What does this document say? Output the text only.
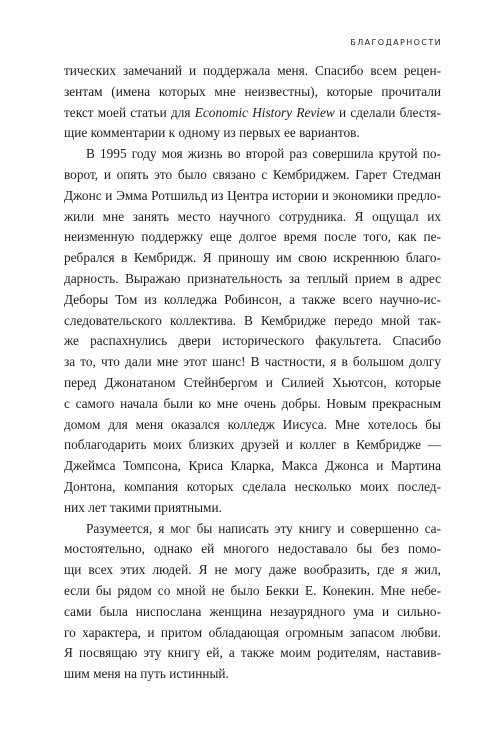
БЛАГОДАРНОСТИ

тических замечаний и поддержала меня. Спасибо всем рецен-
зентам (имена которых мне неизвестны), которые прочитали
текст моей статьи для Economic History Review и сделали блестя-
щие комментарии к одному из первых ее вариантов.

В 1995 году моя жизнь во второй раз совершила крутой по-
ворот, и опять это было связано с Кембриджем. Гарет Стедман
Джонс и Эмма Ротшильд из Центра истории и экономики предло-
жили мне занять место научного сотрудника. Я ощущал их
неизменную поддержку еще долгое время после того, как пе-
ребрался в Кембридж. Я приношу им свою искреннюю благо-
дарность. Выражаю признательность за теплый прием в адрес
Деборы Том из колледжа Робинсон, а также всего научно-ис-
следовательского коллектива. В Кембридже передо мной так-
же распахнулись двери исторического факультета. Спасибо
за то, что дали мне этот шанс! В частности, я в большом долгу
перед Джонатаном Стейнбергом и Силией Хьютсон, которые
с самого начала были ко мне очень добры. Новым прекрасным
домом для меня оказался колледж Иисуса. Мне хотелось бы
поблагодарить моих близких друзей и коллег в Кембридже —
Джеймса Томпсона, Криса Кларка, Макса Джонса и Мартина
Донтона, компания которых сделала несколько моих послед-
них лет такими приятными.

Разумеется, я мог бы написать эту книгу и совершенно са-
мостоятельно, однако ей многого недоставало бы без помо-
щи всех этих людей. Я не могу даже вообразить, где я жил,
если бы рядом со мной не было Бекки Е. Конекин. Мне небе-
сами была ниспослана женщина незаурядного ума и сильно-
го характера, и притом обладающая огромным запасом любви.
Я посвящаю эту книгу ей, а также моим родителям, наставив-
шим меня на путь истинный.
